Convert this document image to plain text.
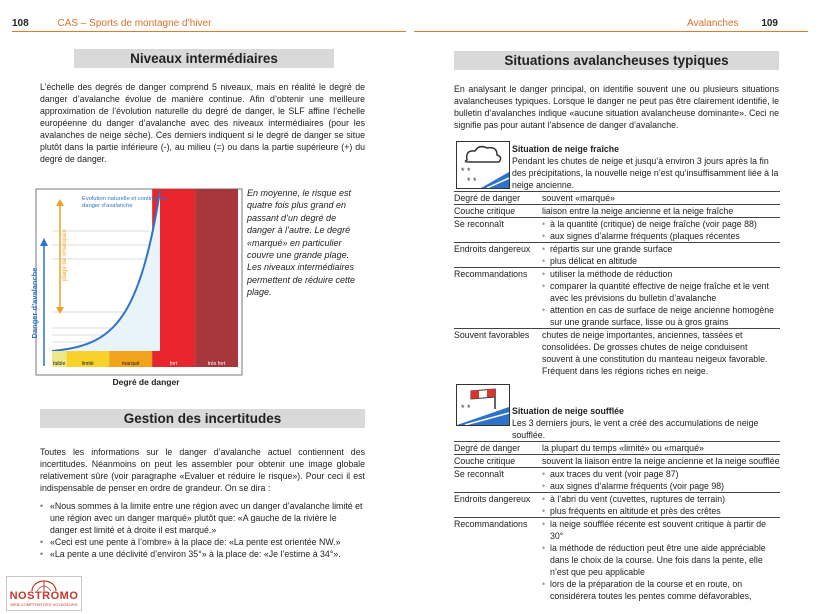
108	CAS – Sports de montagne d’hiver
Niveaux intermédiaires

L’échelle des degrés de danger comprend 5 niveaux, mais en réalité le degré de danger d’avalanche évolue de manière continue. Afin d’obtenir une meilleure approximation de l’évolution naturelle du degré de danger, le SLF affine l’échelle européenne du danger d’avalanche avec des niveaux intermédiaires (pour les avalanches de neige sèche). Ces derniers indiquent si le degré de danger se situe plutôt dans la partie inférieure (-), au milieu (=) ou dans la partie supérieure (+) du degré de danger.

Danger d’avalanche
plage de «marqué»
faible	limité	marqué	fort	très fort
Evolution naturelle et continue du
danger d’avalanche
Degré de danger

En moyenne, le risque est quatre fois plus grand en passant d’un degré de danger à l’autre. Le degré «marqué» en particulier couvre une grande plage. Les niveaux intermédiaires permettent de réduire cette plage.

Gestion des incertitudes

Toutes les informations sur le danger d’avalanche actuel contiennent des incertitudes. Néanmoins on peut les assembler pour obtenir une image globale relativement sûre (voir paragraphe «Evaluer et réduire le risque»). Pour ceci il est indispensable de penser en ordre de grandeur. On se dira :

• «Nous sommes à la limite entre une région avec un danger d’avalanche limité et une région avec un danger marqué» plutôt que: «A gauche de la rivière le danger est limité et à droite il est marqué.»
• «Ceci est une pente à l’ombre» à la place de: «La pente est orientée NW.»
• «La pente a une déclivité d’environ 35°» à la place de: «Je l’estime à 34°».
NOSTROMO
WEB COMPTOIR DES VOYAGEURS
Avalanches 109
Situations avalancheuses typiques

En analysant le danger principal, on identifie souvent une ou plusieurs situations avalancheuses typiques. Lorsque le danger ne peut pas être clairement identifié, le bulletin d’avalanches indique «aucune situation avalancheuse dominante». Ceci ne signifie pas pour autant l’absence de danger d’avalanche.

* *
* *
Situation de neige fraîche
Pendant les chutes de neige et jusqu’à environ 3 jours après la fin des précipitations, la nouvelle neige n’est qu’insuffisamment liée à la neige ancienne.
Degré de danger	souvent «marqué»

Couche critique	liaison entre la neige ancienne et la neige fraîche

Se reconnaît	• à la quantité (critique) de neige fraîche (voir page 88)
• aux signes d’alarme fréquents (plaques récentes

Endroits dangereux	• répartis sur une grande surface
• plus délicat en altitude

Recommandations	• utiliser la méthode de réduction
• comparer la quantité effective de neige fraîche et le vent avec les prévisions du bulletin d’avalanche
• attention en cas de surface de neige ancienne homogène sur une grande surface, lisse ou à gros grains

Souvent favorables	chutes de neige importantes, anciennes, tassées et consolidées. De grosses chutes de neige conduisent souvent à une constitution du manteau neigeux favorable. Fréquent dans les régions riches en neige.
* *	Situation de neige soufflée
Les 3 derniers jours, le vent a créé des accumulations de neige soufflée.
Degré de danger	la plupart du temps «limité» ou «marqué»

Couche critique	souvent la liaison entre la neige ancienne et la neige soufflée

Se reconnaît	• aux traces du vent (voir page 87)
• aux signes d’alarme fréquents (voir page 98)

Endroits dangereux	• à l’abri du vent (cuvettes, ruptures de terrain)
• plus fréquents en altitude et près des crêtes

Recommandations	• la neige soufflée récente est souvent critique à partir de 30°
• la méthode de réduction peut être une aide appréciable dans le choix de la course. Une fois dans la pente, elle n’est que peu applicable
• lors de la préparation de la course et en route, on considérera toutes les pentes comme défavorables,
